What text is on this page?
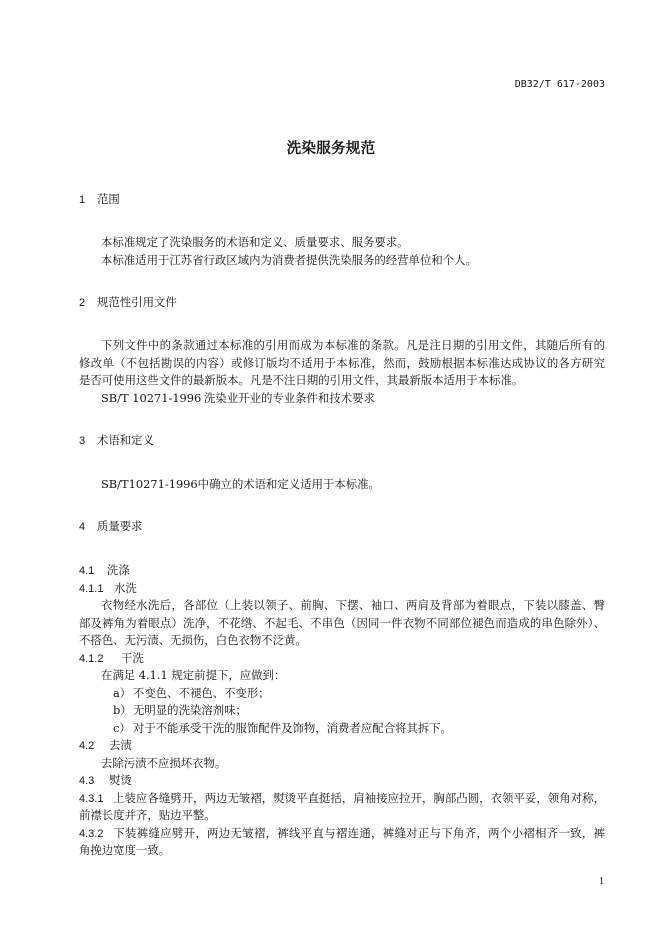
DB32/T 617-2003
洗染服务规范
1 范围
本标准规定了洗染服务的术语和定义、质量要求、服务要求。
本标准适用于江苏省行政区域内为消费者提供洗染服务的经营单位和个人。
2 规范性引用文件
下列文件中的条款通过本标准的引用而成为本标准的条款。凡是注日期的引用文件，其随后所有的
修改单（不包括勘误的内容）或修订版均不适用于本标准，然而，鼓励根据本标准达成协议的各方研究
是否可使用这些文件的最新版本。凡是不注日期的引用文件，其最新版本适用于本标准。
SB/T 10271-1996 洗染业开业的专业条件和技术要求
3 术语和定义
SB/T10271-1996中确立的术语和定义适用于本标准。
4 质量要求
4.1 洗涤
4.1.1 水洗
衣物经水洗后，各部位（上装以领子、前胸、下摆、袖口、两肩及背部为着眼点，下装以膝盖、臀
部及裤角为着眼点）洗净，不花绺、不起毛、不串色（因同一件衣物不同部位褪色而造成的串色除外）、
不搭色、无污渍、无损伤，白色衣物不泛黄。
4.1.2 干洗
在满足 4.1.1 规定前提下，应做到：
a） 不变色、不褪色、不变形；
b）无明显的洗染溶剂味；
c） 对于不能承受干洗的服饰配件及饰物，消费者应配合将其拆下。
4.2 去渍
去除污渍不应损坏衣物。
4.3 熨烫
4.3.1 上装应各缝劈开，两边无皱褶，熨烫平直挺括，肩袖接应拉开，胸部凸圆，衣领平妥，领角对称，
前襟长度并齐，贴边平整。
4.3.2 下装裤缝应劈开，两边无皱褶，裤线平直与褶连通，裤缝对正与下角齐，两个小褶相齐一致，裤
角挽边宽度一致。
1
